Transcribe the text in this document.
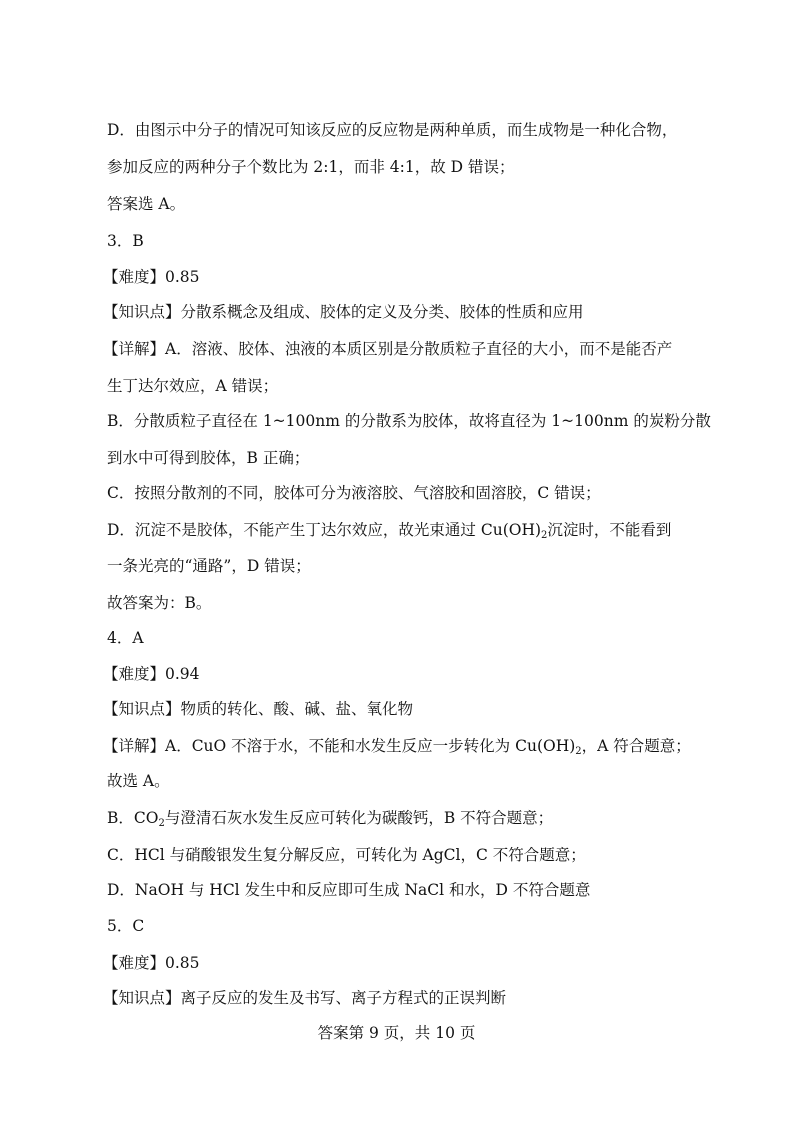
D．由图示中分子的情况可知该反应的反应物是两种单质，而生成物是一种化合物，
参加反应的两种分子个数比为 2:1，而非 4:1，故 D 错误；
答案选 A。
3．B
【难度】0.85
【知识点】分散系概念及组成、胶体的定义及分类、胶体的性质和应用
【详解】A．溶液、胶体、浊液的本质区别是分散质粒子直径的大小，而不是能否产
生丁达尔效应，A 错误；
B．分散质粒子直径在 1~100nm 的分散系为胶体，故将直径为 1~100nm 的炭粉分散
到水中可得到胶体，B 正确；
C．按照分散剂的不同，胶体可分为液溶胶、气溶胶和固溶胶，C 错误；
D．沉淀不是胶体，不能产生丁达尔效应，故光束通过 $Cu(OH)_2$沉淀时，不能看到
一条光亮的“通路”，D 错误；
故答案为：B。
4．A
【难度】0.94
【知识点】物质的转化、酸、碱、盐、氧化物
【详解】A．CuO 不溶于水，不能和水发生反应一步转化为 $Cu(OH)_2$，A 符合题意；
故选 A。
B．$CO_2$与澄清石灰水发生反应可转化为碳酸钙，B 不符合题意；
C．HCl 与硝酸银发生复分解反应，可转化为 AgCl，C 不符合题意；
D．NaOH 与 HCl 发生中和反应即可生成 NaCl 和水，D 不符合题意
5．C
【难度】0.85
【知识点】离子反应的发生及书写、离子方程式的正误判断
答案第 9 页，共 10 页
